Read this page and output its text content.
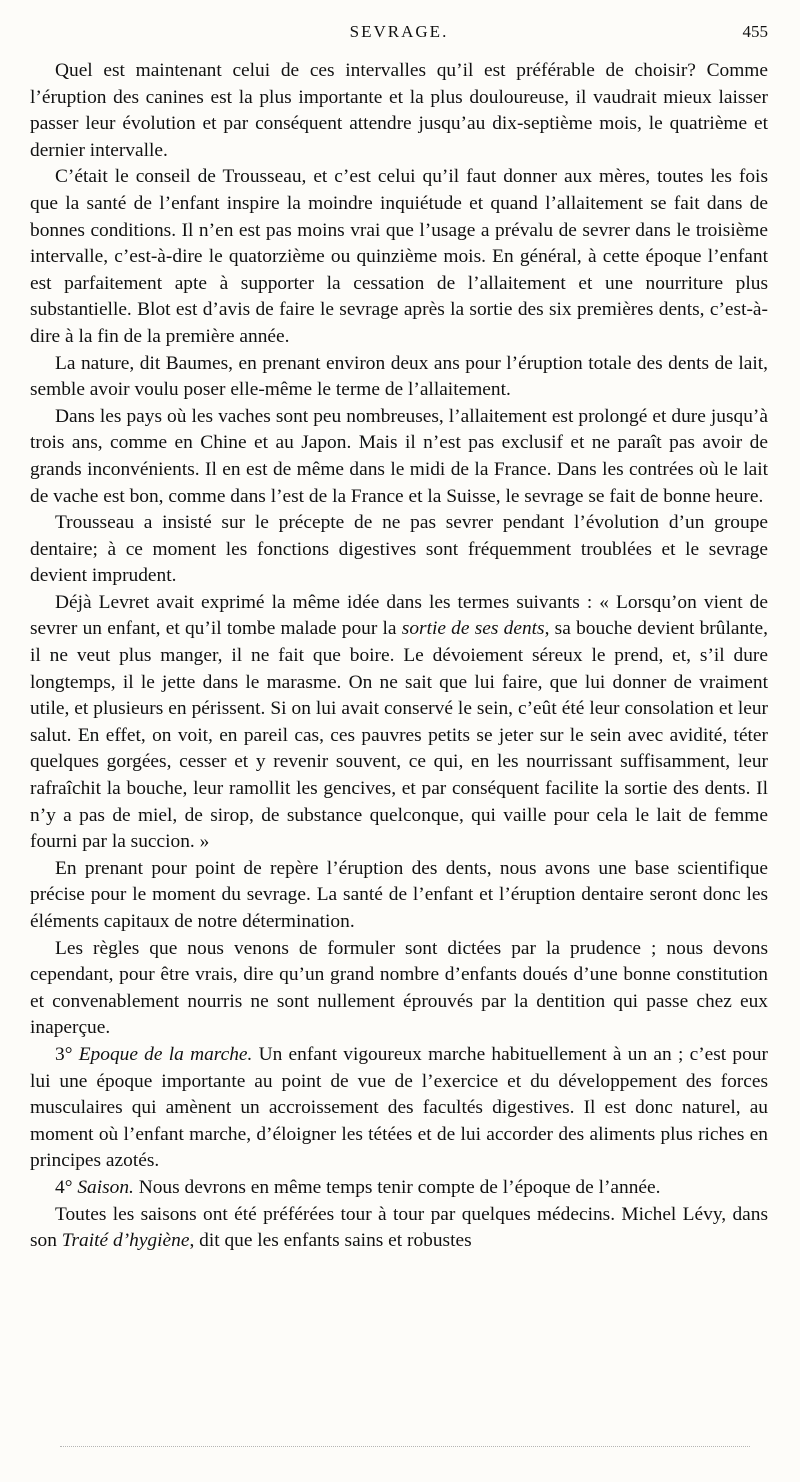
SEVRAGE.	455

Quel est maintenant celui de ces intervalles qu’il est préférable de choisir? Comme l’éruption des canines est la plus importante et la plus douloureuse, il vaudrait mieux laisser passer leur évolution et par conséquent attendre jusqu’au dix-septième mois, le quatrième et dernier intervalle.

C’était le conseil de Trousseau, et c’est celui qu’il faut donner aux mères, toutes les fois que la santé de l’enfant inspire la moindre inquiétude et quand l’allaitement se fait dans de bonnes conditions. Il n’en est pas moins vrai que l’usage a prévalu de sevrer dans le troisième intervalle, c’est-à-dire le quatorzième ou quinzième mois. En général, à cette époque l’enfant est parfaitement apte à supporter la cessation de l’allaitement et une nourriture plus substantielle. Blot est d’avis de faire le sevrage après la sortie des six premières dents, c’est-à-dire à la fin de la première année.

La nature, dit Baumes, en prenant environ deux ans pour l’éruption totale des dents de lait, semble avoir voulu poser elle-même le terme de l’allaitement.

Dans les pays où les vaches sont peu nombreuses, l’allaitement est prolongé et dure jusqu’à trois ans, comme en Chine et au Japon. Mais il n’est pas exclusif et ne paraît pas avoir de grands inconvénients. Il en est de même dans le midi de la France. Dans les contrées où le lait de vache est bon, comme dans l’est de la France et la Suisse, le sevrage se fait de bonne heure.

Trousseau a insisté sur le précepte de ne pas sevrer pendant l’évolution d’un groupe dentaire; à ce moment les fonctions digestives sont fréquemment troublées et le sevrage devient imprudent.

Déjà Levret avait exprimé la même idée dans les termes suivants : « Lorsqu’on vient de sevrer un enfant, et qu’il tombe malade pour la sortie de ses dents, sa bouche devient brûlante, il ne veut plus manger, il ne fait que boire. Le dévoiement séreux le prend, et, s’il dure longtemps, il le jette dans le marasme. On ne sait que lui faire, que lui donner de vraiment utile, et plusieurs en périssent. Si on lui avait conservé le sein, c’eût été leur consolation et leur salut. En effet, on voit, en pareil cas, ces pauvres petits se jeter sur le sein avec avidité, téter quelques gorgées, cesser et y revenir souvent, ce qui, en les nourrissant suffisamment, leur rafraîchit la bouche, leur ramollit les gencives, et par conséquent facilite la sortie des dents. Il n’y a pas de miel, de sirop, de substance quelconque, qui vaille pour cela le lait de femme fourni par la succion. »

En prenant pour point de repère l’éruption des dents, nous avons une base scientifique précise pour le moment du sevrage. La santé de l’enfant et l’éruption dentaire seront donc les éléments capitaux de notre détermination.

Les règles que nous venons de formuler sont dictées par la prudence ; nous devons cependant, pour être vrais, dire qu’un grand nombre d’enfants doués d’une bonne constitution et convenablement nourris ne sont nullement éprouvés par la dentition qui passe chez eux inaperçue.

3° Epoque de la marche. Un enfant vigoureux marche habituellement à un an ; c’est pour lui une époque importante au point de vue de l’exercice et du développement des forces musculaires qui amènent un accroissement des facultés digestives. Il est donc naturel, au moment où l’enfant marche, d’éloigner les tétées et de lui accorder des aliments plus riches en principes azotés.

4° Saison. Nous devrons en même temps tenir compte de l’époque de l’année.

Toutes les saisons ont été préférées tour à tour par quelques médecins. Michel Lévy, dans son Traité d’hygiène, dit que les enfants sains et robustes
